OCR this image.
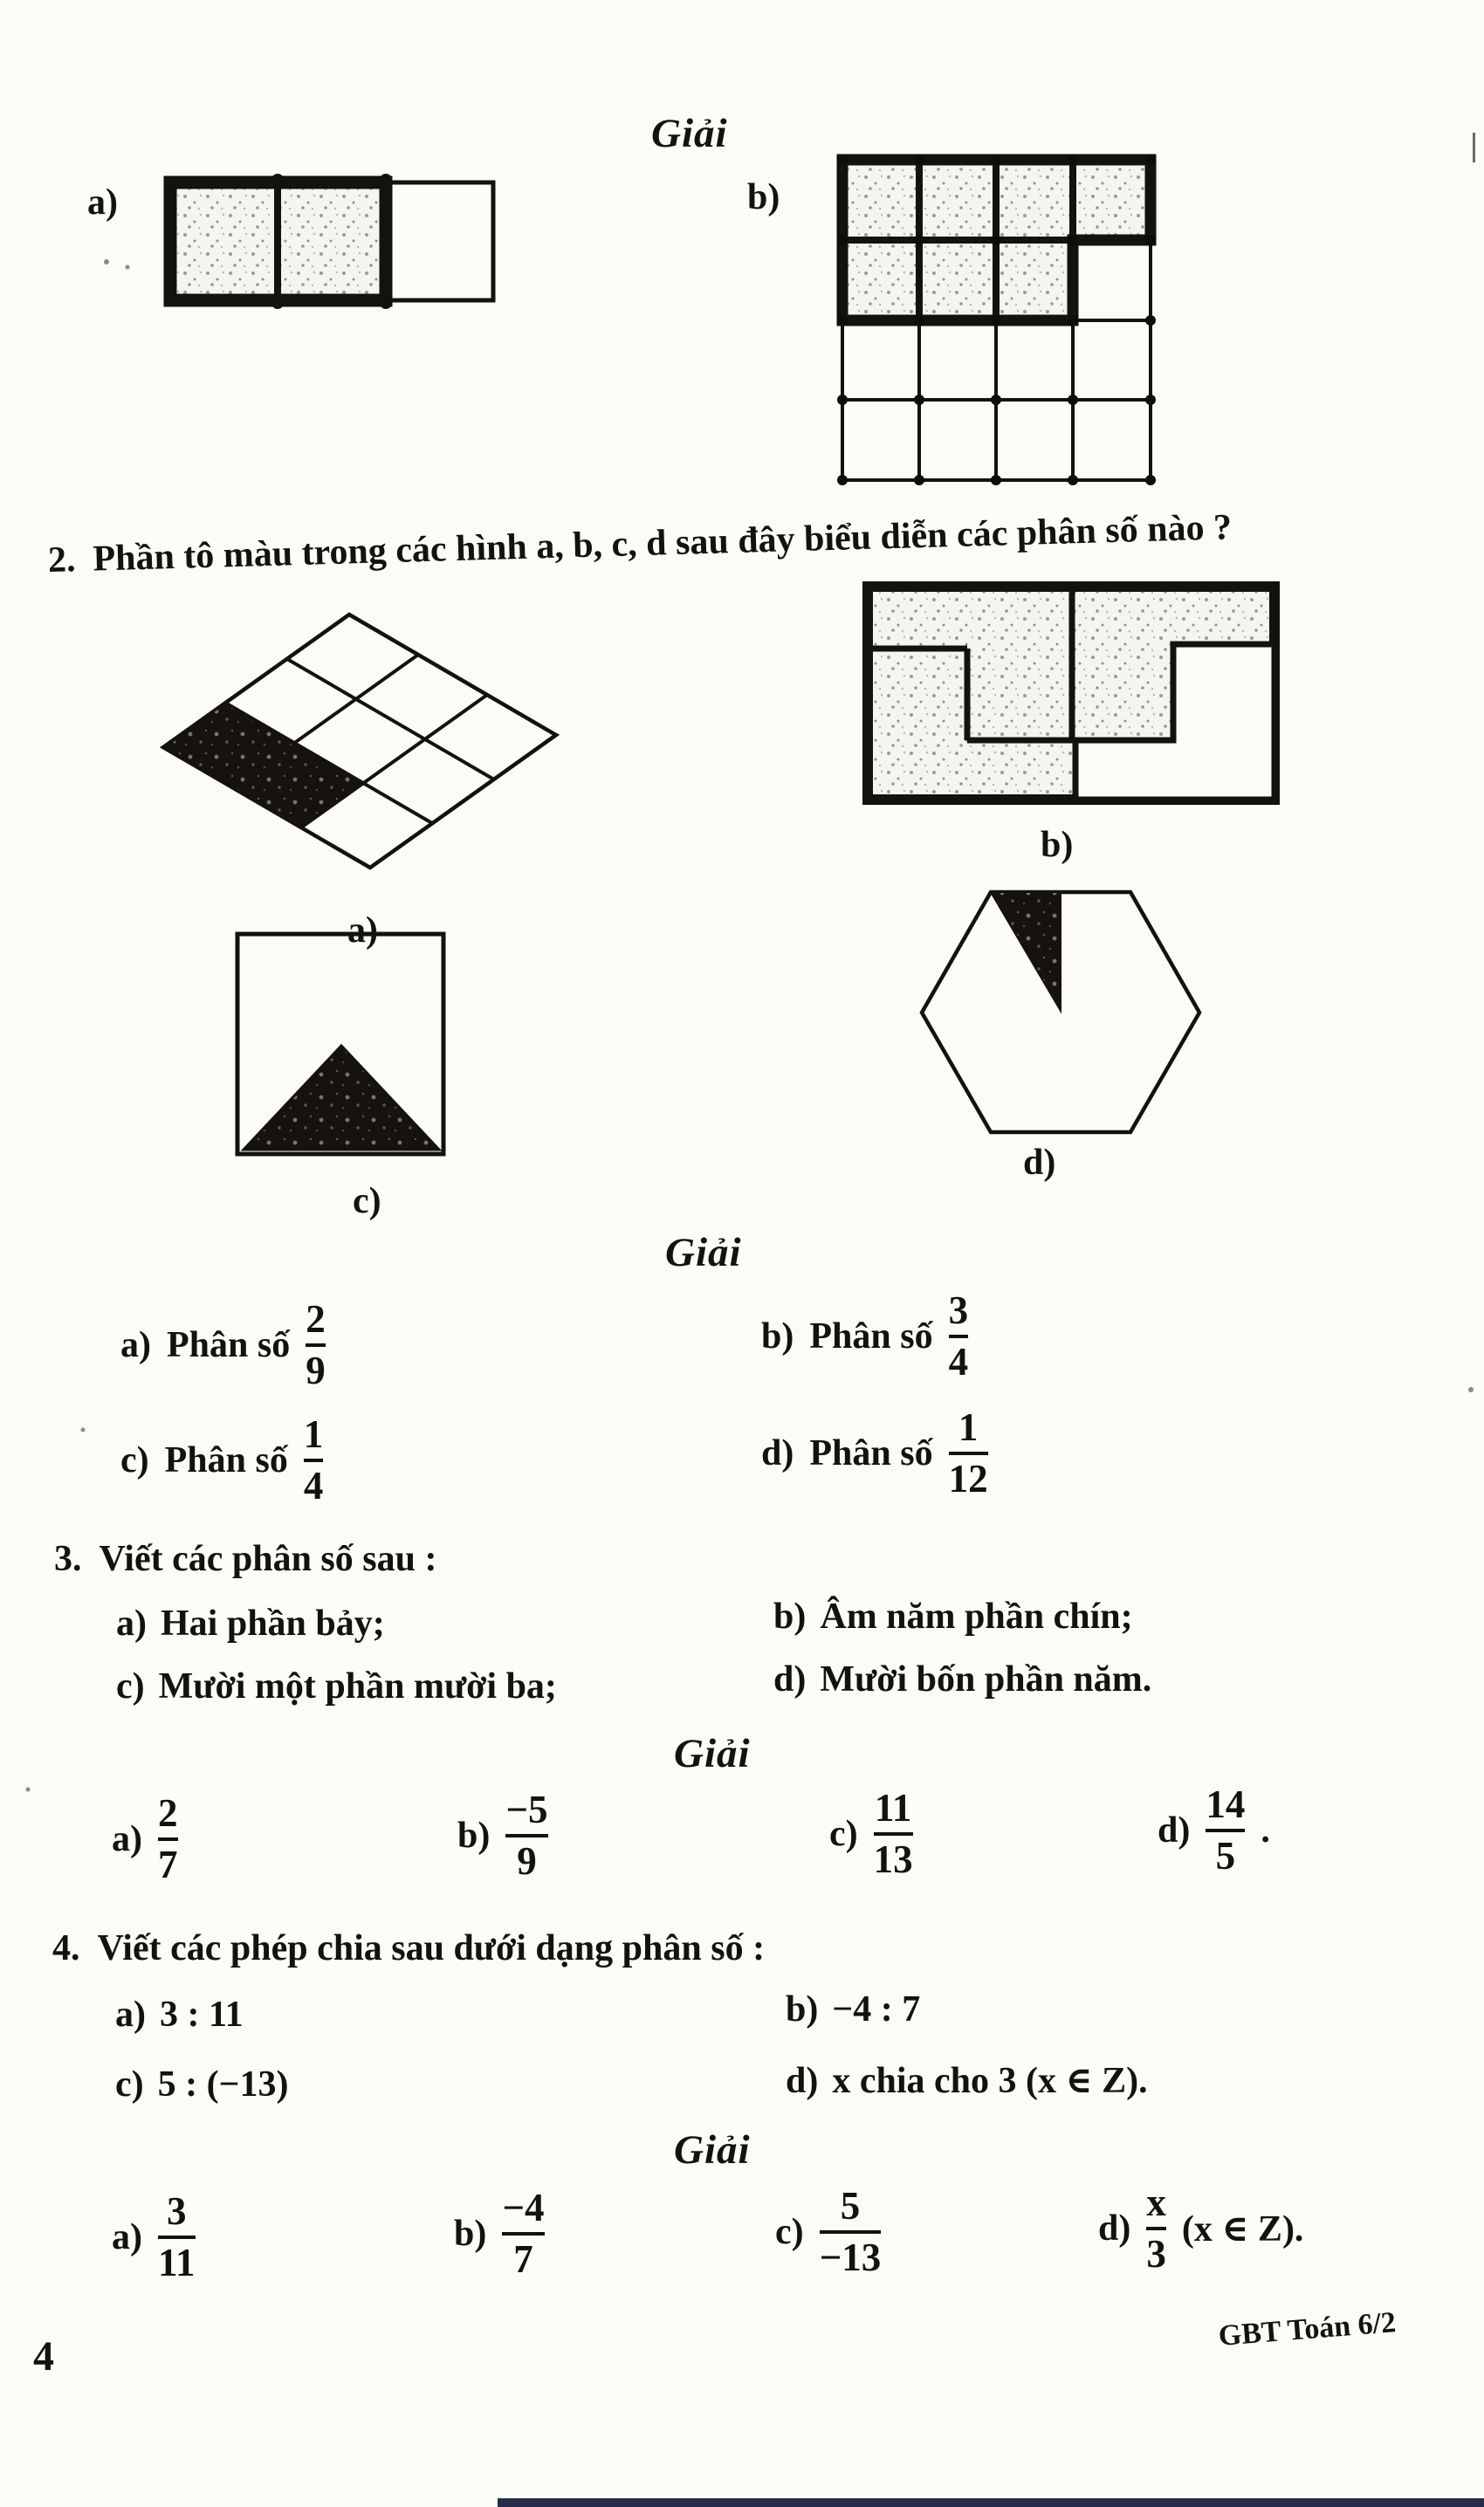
Giải
a)	b)
2. Phần tô màu trong các hình a, b, c, d sau đây biểu diễn các phân số nào ?
a)
b)
c)
d)
Giải
a) Phân số $\frac{2}{9}$	b) Phân số $\frac{3}{4}$
c) Phân số $\frac{1}{4}$	d) Phân số $\frac{1}{12}$
3. Viết các phân số sau :
a) Hai phần bảy;	b) Âm năm phần chín;
c) Mười một phần mười ba;	d) Mười bốn phần năm.
Giải
$a) \frac{2}{7}$	$b) \frac{-5}{9}$	$c) \frac{11}{13}$	$d) \frac{14}{5}$ .
4. Viết các phép chia sau dưới dạng phân số :
a) 3 : 11	b) −4 : 7
c) 5 : (−13)	d) x chia cho 3 (x ∈ Z).
Giải
$a) \frac{3}{11}$	$b) \frac{-4}{7}$	$c) \frac{5}{-13}$	$d) \frac{x}{3} (x$ ∈ Z).
4
GBT Toán 6/2
